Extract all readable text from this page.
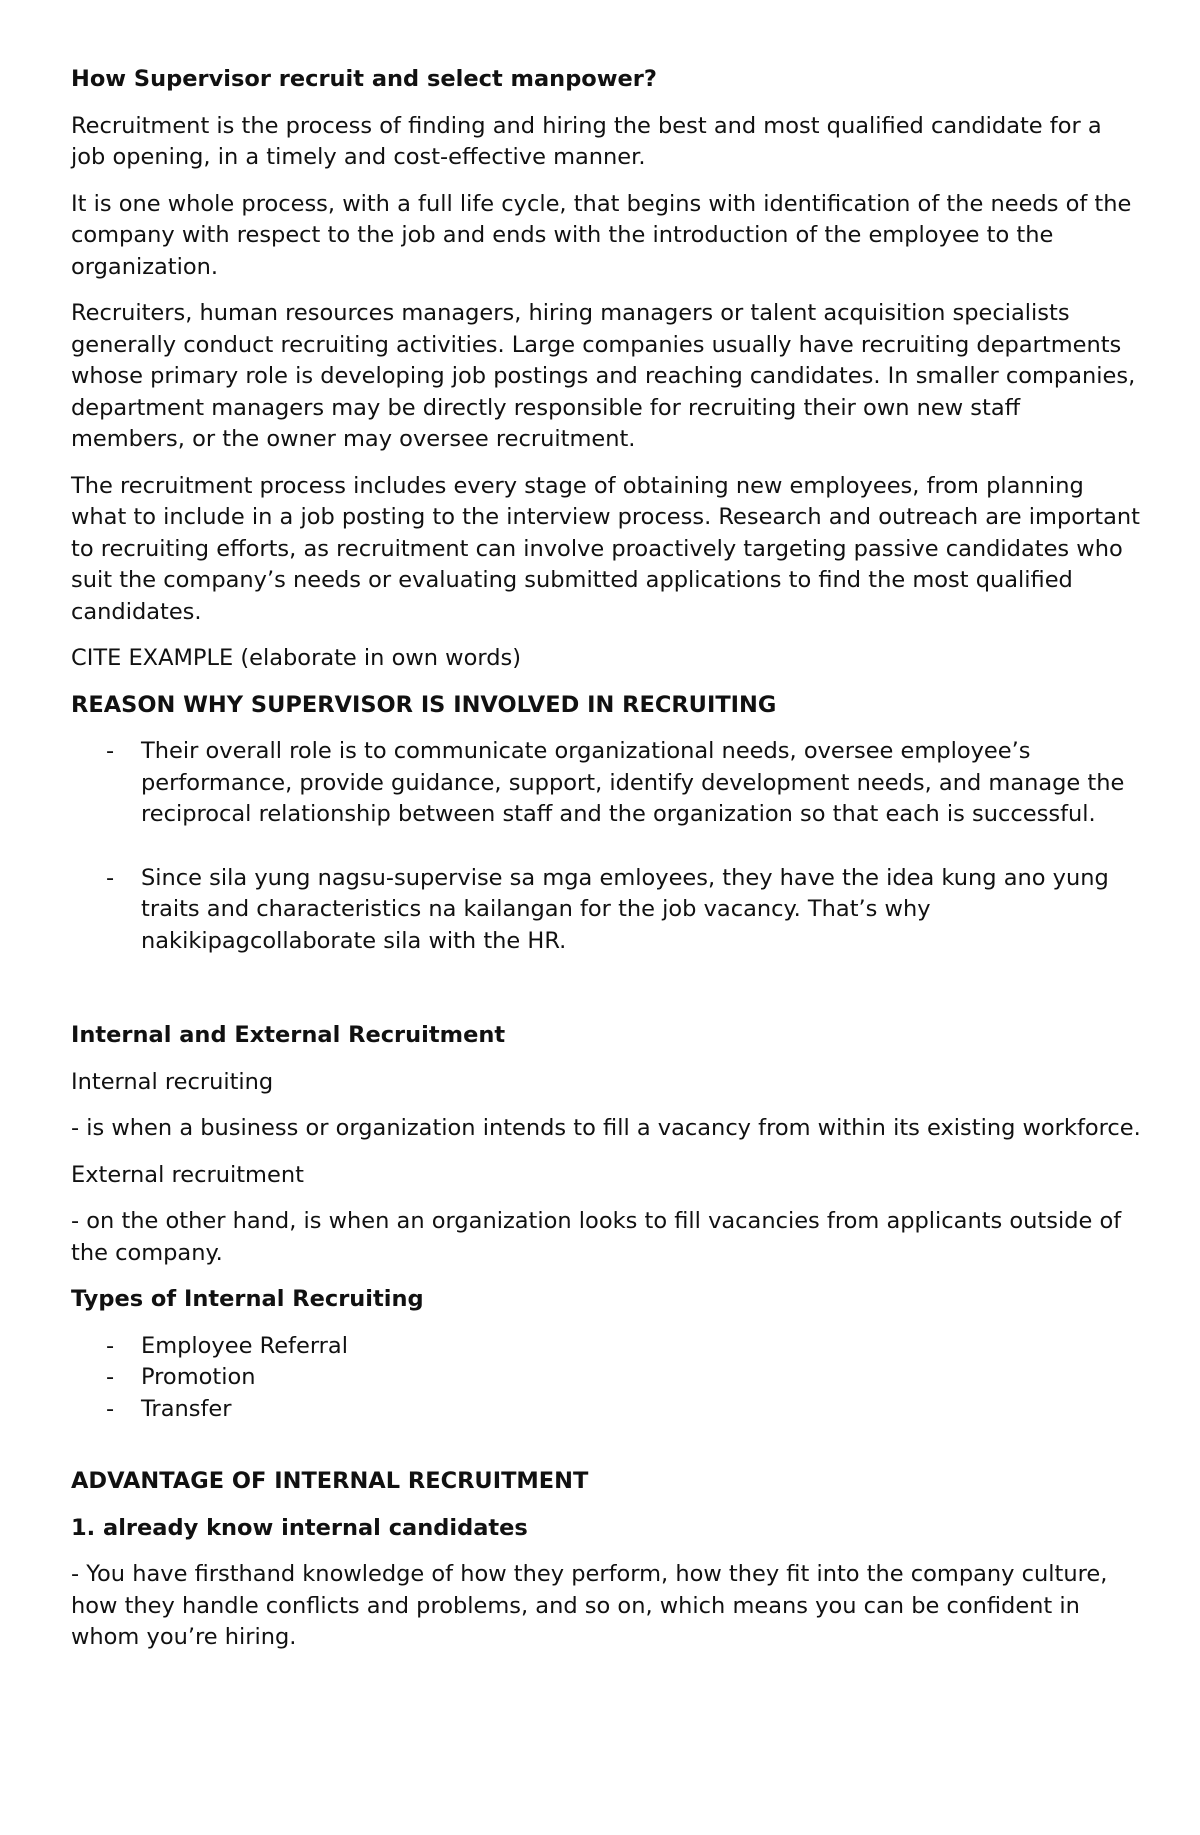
How Supervisor recruit and select manpower?

Recruitment is the process of finding and hiring the best and most qualified candidate for a job opening, in a timely and cost-effective manner.

It is one whole process, with a full life cycle, that begins with identification of the needs of the company with respect to the job and ends with the introduction of the employee to the organization.

Recruiters, human resources managers, hiring managers or talent acquisition specialists generally conduct recruiting activities. Large companies usually have recruiting departments whose primary role is developing job postings and reaching candidates. In smaller companies, department managers may be directly responsible for recruiting their own new staff members, or the owner may oversee recruitment.

The recruitment process includes every stage of obtaining new employees, from planning what to include in a job posting to the interview process. Research and outreach are important to recruiting efforts, as recruitment can involve proactively targeting passive candidates who suit the company’s needs or evaluating submitted applications to find the most qualified candidates.

CITE EXAMPLE (elaborate in own words)

REASON WHY SUPERVISOR IS INVOLVED IN RECRUITING

- Their overall role is to communicate organizational needs, oversee employee’s performance, provide guidance, support, identify development needs, and manage the reciprocal relationship between staff and the organization so that each is successful.
- Since sila yung nagsu-supervise sa mga emloyees, they have the idea kung ano yung traits and characteristics na kailangan for the job vacancy. That’s why nakikipagcollaborate sila with the HR.

Internal and External Recruitment

Internal recruiting

- is when a business or organization intends to fill a vacancy from within its existing workforce.

External recruitment

- on the other hand, is when an organization looks to fill vacancies from applicants outside of the company.

Types of Internal Recruiting

- Employee Referral
- Promotion
- Transfer

ADVANTAGE OF INTERNAL RECRUITMENT

1. already know internal candidates

- You have firsthand knowledge of how they perform, how they fit into the company culture, how they handle conflicts and problems, and so on, which means you can be confident in whom you’re hiring.
